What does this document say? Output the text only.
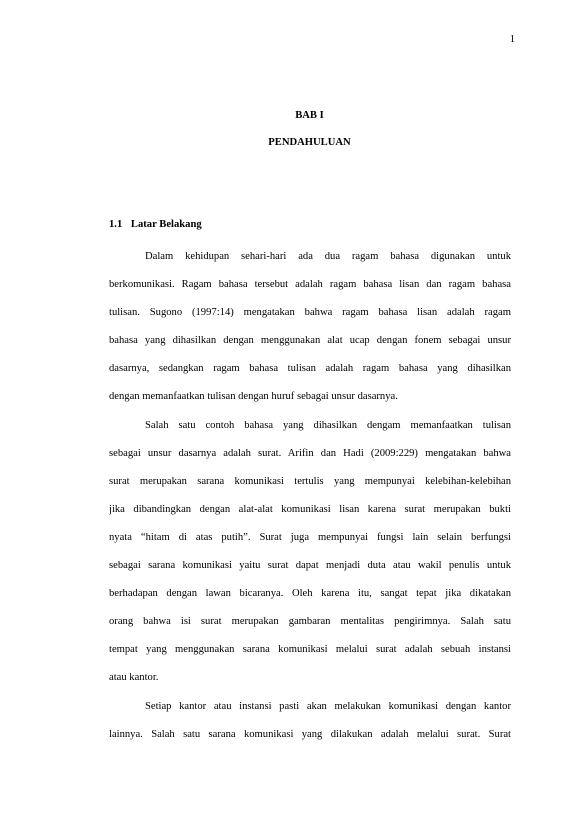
1
BAB I
PENDAHULUAN
1.1 Latar Belakang
Dalam kehidupan sehari-hari ada dua ragam bahasa digunakan untuk
berkomunikasi. Ragam bahasa tersebut adalah ragam bahasa lisan dan ragam bahasa
tulisan. Sugono (1997:14) mengatakan bahwa ragam bahasa lisan adalah ragam
bahasa yang dihasilkan dengan menggunakan alat ucap dengan fonem sebagai unsur
dasarnya, sedangkan ragam bahasa tulisan adalah ragam bahasa yang dihasilkan
dengan memanfaatkan tulisan dengan huruf sebagai unsur dasarnya.
Salah satu contoh bahasa yang dihasilkan dengam memanfaatkan tulisan
sebagai unsur dasarnya adalah surat. Arifin dan Hadi (2009:229) mengatakan bahwa
surat merupakan sarana komunikasi tertulis yang mempunyai kelebihan-kelebihan
jika dibandingkan dengan alat-alat komunikasi lisan karena surat merupakan bukti
nyata “hitam di atas putih”. Surat juga mempunyai fungsi lain selain berfungsi
sebagai sarana komunikasi yaitu surat dapat menjadi duta atau wakil penulis untuk
berhadapan dengan lawan bicaranya. Oleh karena itu, sangat tepat jika dikatakan
orang bahwa isi surat merupakan gambaran mentalitas pengirimnya. Salah satu
tempat yang menggunakan sarana komunikasi melalui surat adalah sebuah instansi
atau kantor.
Setiap kantor atau instansi pasti akan melakukan komunikasi dengan kantor
lainnya. Salah satu sarana komunikasi yang dilakukan adalah melalui surat. Surat
